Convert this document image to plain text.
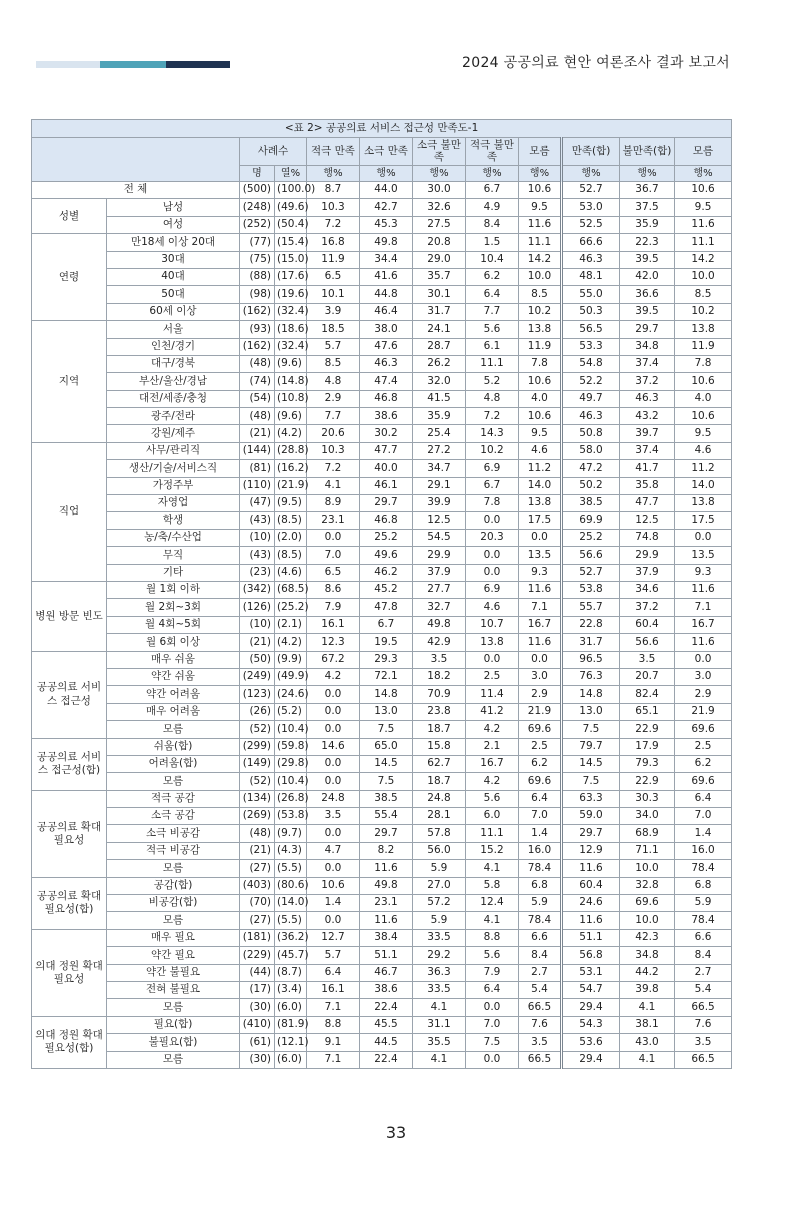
2024 공공의료 현안 여론조사 결과 보고서
<표 2> 공공의료 서비스 접근성 만족도-1											
		사례수		적극 만족	소극 만족	소극 불만족	적극 불만족	모름	만족(합)	불만족(합)	모름
		명	열%	행%	행%	행%	행%	행%	행%	행%	행%
전 체		(500)	(100.0)	8.7	44.0	30.0	6.7	10.6	52.7	36.7	10.6
성별	남성	(248)	(49.6)	10.3	42.7	32.6	4.9	9.5	53.0	37.5	9.5
	여성	(252)	(50.4)	7.2	45.3	27.5	8.4	11.6	52.5	35.9	11.6
연령	만18세 이상 20대	(77)	(15.4)	16.8	49.8	20.8	1.5	11.1	66.6	22.3	11.1
	30대	(75)	(15.0)	11.9	34.4	29.0	10.4	14.2	46.3	39.5	14.2
	40대	(88)	(17.6)	6.5	41.6	35.7	6.2	10.0	48.1	42.0	10.0
	50대	(98)	(19.6)	10.1	44.8	30.1	6.4	8.5	55.0	36.6	8.5
	60세 이상	(162)	(32.4)	3.9	46.4	31.7	7.7	10.2	50.3	39.5	10.2
지역	서울	(93)	(18.6)	18.5	38.0	24.1	5.6	13.8	56.5	29.7	13.8
	인천/경기	(162)	(32.4)	5.7	47.6	28.7	6.1	11.9	53.3	34.8	11.9
	대구/경북	(48)	(9.6)	8.5	46.3	26.2	11.1	7.8	54.8	37.4	7.8
	부산/울산/경남	(74)	(14.8)	4.8	47.4	32.0	5.2	10.6	52.2	37.2	10.6
	대전/세종/충청	(54)	(10.8)	2.9	46.8	41.5	4.8	4.0	49.7	46.3	4.0
	광주/전라	(48)	(9.6)	7.7	38.6	35.9	7.2	10.6	46.3	43.2	10.6
	강원/제주	(21)	(4.2)	20.6	30.2	25.4	14.3	9.5	50.8	39.7	9.5
직업	사무/관리직	(144)	(28.8)	10.3	47.7	27.2	10.2	4.6	58.0	37.4	4.6
	생산/기술/서비스직	(81)	(16.2)	7.2	40.0	34.7	6.9	11.2	47.2	41.7	11.2
	가정주부	(110)	(21.9)	4.1	46.1	29.1	6.7	14.0	50.2	35.8	14.0
	자영업	(47)	(9.5)	8.9	29.7	39.9	7.8	13.8	38.5	47.7	13.8
	학생	(43)	(8.5)	23.1	46.8	12.5	0.0	17.5	69.9	12.5	17.5
	농/축/수산업	(10)	(2.0)	0.0	25.2	54.5	20.3	0.0	25.2	74.8	0.0
	무직	(43)	(8.5)	7.0	49.6	29.9	0.0	13.5	56.6	29.9	13.5
	기타	(23)	(4.6)	6.5	46.2	37.9	0.0	9.3	52.7	37.9	9.3
병원 방문 빈도	월 1회 이하	(342)	(68.5)	8.6	45.2	27.7	6.9	11.6	53.8	34.6	11.6
	월 2회~3회	(126)	(25.2)	7.9	47.8	32.7	4.6	7.1	55.7	37.2	7.1
	월 4회~5회	(10)	(2.1)	16.1	6.7	49.8	10.7	16.7	22.8	60.4	16.7
	월 6회 이상	(21)	(4.2)	12.3	19.5	42.9	13.8	11.6	31.7	56.6	11.6
공공의료 서비스 접근성	매우 쉬움	(50)	(9.9)	67.2	29.3	3.5	0.0	0.0	96.5	3.5	0.0
	약간 쉬움	(249)	(49.9)	4.2	72.1	18.2	2.5	3.0	76.3	20.7	3.0
	약간 어려움	(123)	(24.6)	0.0	14.8	70.9	11.4	2.9	14.8	82.4	2.9
	매우 어려움	(26)	(5.2)	0.0	13.0	23.8	41.2	21.9	13.0	65.1	21.9
	모름	(52)	(10.4)	0.0	7.5	18.7	4.2	69.6	7.5	22.9	69.6
공공의료 서비스 접근성(합)	쉬움(합)	(299)	(59.8)	14.6	65.0	15.8	2.1	2.5	79.7	17.9	2.5
	어려움(합)	(149)	(29.8)	0.0	14.5	62.7	16.7	6.2	14.5	79.3	6.2
	모름	(52)	(10.4)	0.0	7.5	18.7	4.2	69.6	7.5	22.9	69.6
공공의료 확대 필요성	적극 공감	(134)	(26.8)	24.8	38.5	24.8	5.6	6.4	63.3	30.3	6.4
	소극 공감	(269)	(53.8)	3.5	55.4	28.1	6.0	7.0	59.0	34.0	7.0
	소극 비공감	(48)	(9.7)	0.0	29.7	57.8	11.1	1.4	29.7	68.9	1.4
	적극 비공감	(21)	(4.3)	4.7	8.2	56.0	15.2	16.0	12.9	71.1	16.0
	모름	(27)	(5.5)	0.0	11.6	5.9	4.1	78.4	11.6	10.0	78.4
공공의료 확대 필요성(합)	공감(합)	(403)	(80.6)	10.6	49.8	27.0	5.8	6.8	60.4	32.8	6.8
	비공감(합)	(70)	(14.0)	1.4	23.1	57.2	12.4	5.9	24.6	69.6	5.9
	모름	(27)	(5.5)	0.0	11.6	5.9	4.1	78.4	11.6	10.0	78.4
의대 정원 확대 필요성	매우 필요	(181)	(36.2)	12.7	38.4	33.5	8.8	6.6	51.1	42.3	6.6
	약간 필요	(229)	(45.7)	5.7	51.1	29.2	5.6	8.4	56.8	34.8	8.4
	약간 불필요	(44)	(8.7)	6.4	46.7	36.3	7.9	2.7	53.1	44.2	2.7
	전혀 불필요	(17)	(3.4)	16.1	38.6	33.5	6.4	5.4	54.7	39.8	5.4
	모름	(30)	(6.0)	7.1	22.4	4.1	0.0	66.5	29.4	4.1	66.5
의대 정원 확대 필요성(합)	필요(합)	(410)	(81.9)	8.8	45.5	31.1	7.0	7.6	54.3	38.1	7.6
	불필요(합)	(61)	(12.1)	9.1	44.5	35.5	7.5	3.5	53.6	43.0	3.5
	모름	(30)	(6.0)	7.1	22.4	4.1	0.0	66.5	29.4	4.1	66.5
33
